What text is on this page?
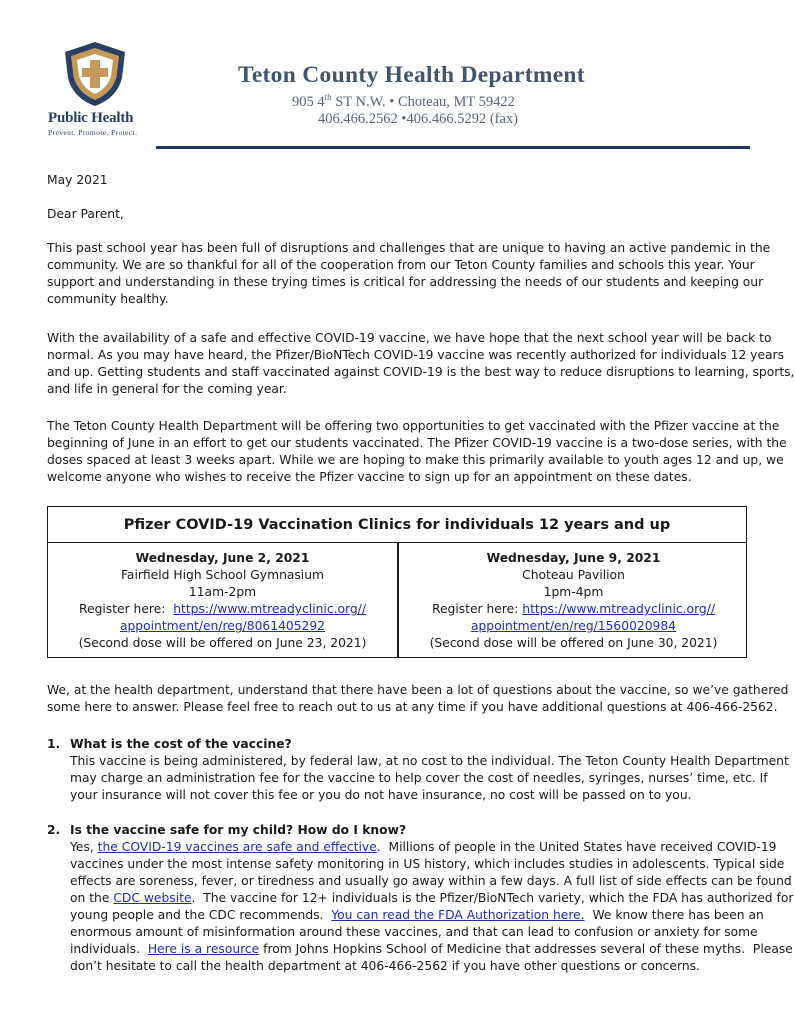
Public Health
Prevent. Promote. Protect.
Teton County Health Department
905 4th ST N.W. • Choteau, MT 59422
406.466.2562 •406.466.5292 (fax)
May 2021
Dear Parent,
This past school year has been full of disruptions and challenges that are unique to having an active pandemic in the
community. We are so thankful for all of the cooperation from our Teton County families and schools this year. Your
support and understanding in these trying times is critical for addressing the needs of our students and keeping our
community healthy.
With the availability of a safe and effective COVID-19 vaccine, we have hope that the next school year will be back to
normal. As you may have heard, the Pfizer/BioNTech COVID-19 vaccine was recently authorized for individuals 12 years
and up. Getting students and staff vaccinated against COVID-19 is the best way to reduce disruptions to learning, sports,
and life in general for the coming year.
The Teton County Health Department will be offering two opportunities to get vaccinated with the Pfizer vaccine at the
beginning of June in an effort to get our students vaccinated. The Pfizer COVID-19 vaccine is a two-dose series, with the
doses spaced at least 3 weeks apart. While we are hoping to make this primarily available to youth ages 12 and up, we
welcome anyone who wishes to receive the Pfizer vaccine to sign up for an appointment on these dates.
Pfizer COVID-19 Vaccination Clinics for individuals 12 years and up
Wednesday, June 2, 2021
Fairfield High School Gymnasium
11am-2pm
Register here:  https://www.mtreadyclinic.org//
appointment/en/reg/8061405292
(Second dose will be offered on June 23, 2021)
Wednesday, June 9, 2021
Choteau Pavilion
1pm-4pm
Register here: https://www.mtreadyclinic.org//
appointment/en/reg/1560020984
(Second dose will be offered on June 30, 2021)
We, at the health department, understand that there have been a lot of questions about the vaccine, so we’ve gathered
some here to answer. Please feel free to reach out to us at any time if you have additional questions at 406-466-2562.
1. What is the cost of the vaccine?
This vaccine is being administered, by federal law, at no cost to the individual. The Teton County Health Department
may charge an administration fee for the vaccine to help cover the cost of needles, syringes, nurses’ time, etc. If
your insurance will not cover this fee or you do not have insurance, no cost will be passed on to you.
2. Is the vaccine safe for my child? How do I know?
Yes, the COVID-19 vaccines are safe and effective.  Millions of people in the United States have received COVID-19
vaccines under the most intense safety monitoring in US history, which includes studies in adolescents. Typical side
effects are soreness, fever, or tiredness and usually go away within a few days. A full list of side effects can be found
on the CDC website.  The vaccine for 12+ individuals is the Pfizer/BioNTech variety, which the FDA has authorized for
young people and the CDC recommends.  You can read the FDA Authorization here.  We know there has been an
enormous amount of misinformation around these vaccines, and that can lead to confusion or anxiety for some
individuals.  Here is a resource from Johns Hopkins School of Medicine that addresses several of these myths.  Please
don’t hesitate to call the health department at 406-466-2562 if you have other questions or concerns.
